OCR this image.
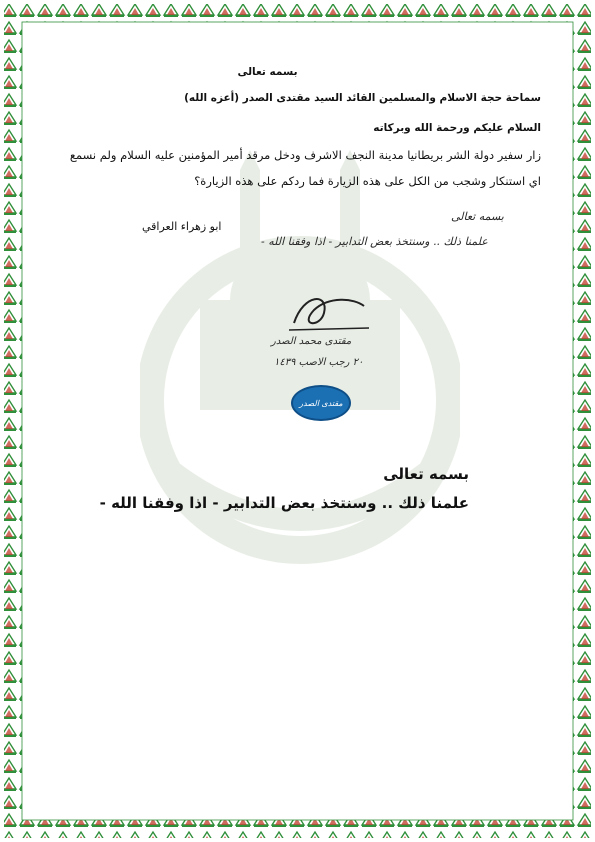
بسمه تعالى
سماحة حجة الاسلام والمسلمين القائد السيد مقتدى الصدر (أعزه الله)
السلام عليكم ورحمة الله وبركاته
زار سفير دولة الشر بريطانيا مدينة النجف الاشرف ودخل مرقد أمير المؤمنين عليه السلام ولم نسمع
اي استنكار وشجب من الكل على هذه الزيارة فما ردكم على هذه الزيارة؟
ابو زهراء العراقي
بسمه تعالى
علمنا ذلك .. وسنتخذ بعض التدابير - اذا وفقنا الله -
مقتدى محمد الصدر
٢٠ رجب الاصب ١٤٣٩
مقتدى الصدر
بسمه تعالى
علمنا ذلك .. وسنتخذ بعض التدابير - اذا وفقنا الله -
